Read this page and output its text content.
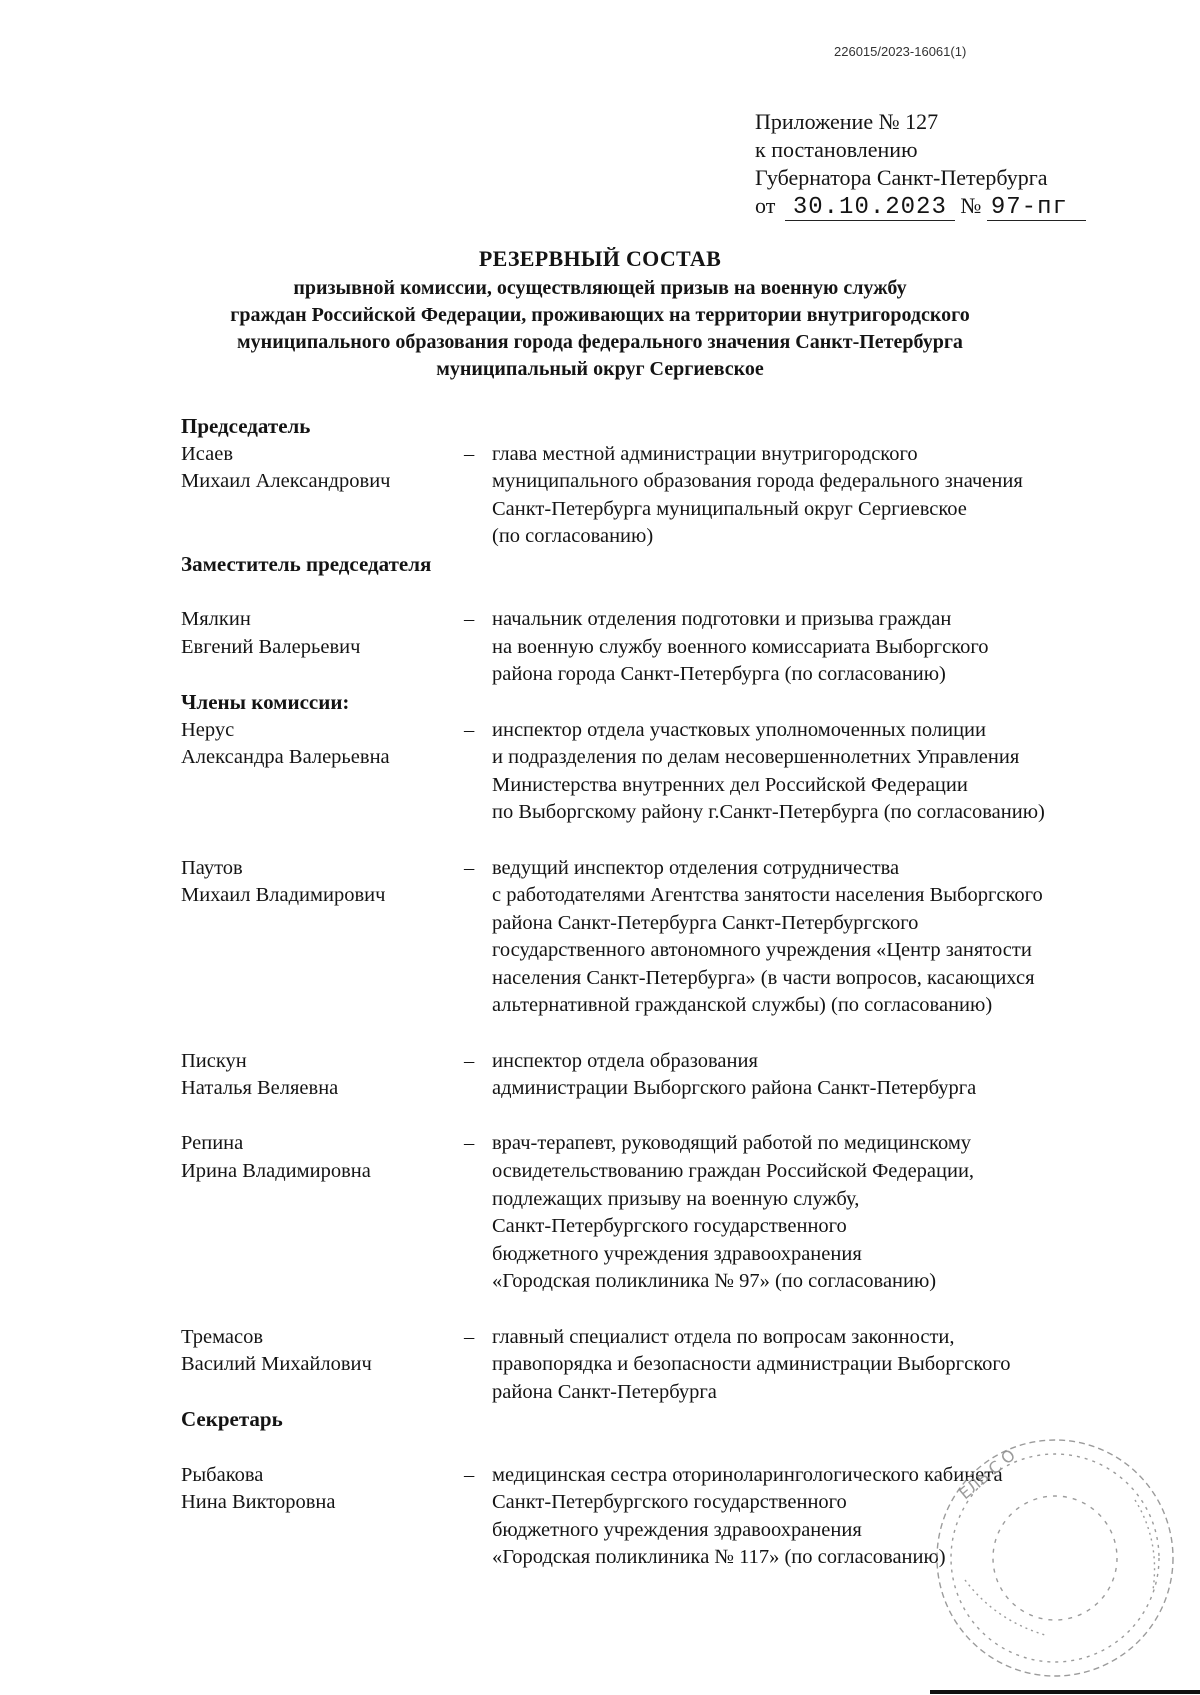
226015/2023-16061(1)
Приложение № 127
к постановлению
Губернатора Санкт-Петербурга
от 30.10.2023 № 97-пг
РЕЗЕРВНЫЙ СОСТАВ
призывной комиссии, осуществляющей призыв на военную службу
граждан Российской Федерации, проживающих на территории внутригородского
муниципального образования города федерального значения Санкт-Петербурга
муниципальный округ Сергиевское
Председатель
Исаев
Михаил Александрович
– глава местной администрации внутригородского
муниципального образования города федерального значения
Санкт-Петербурга муниципальный округ Сергиевское
(по согласованию)
Заместитель председателя
Мялкин
Евгений Валерьевич
– начальник отделения подготовки и призыва граждан
на военную службу военного комиссариата Выборгского
района города Санкт-Петербурга (по согласованию)
Члены комиссии:
Нерус
Александра Валерьевна
– инспектор отдела участковых уполномоченных полиции
и подразделения по делам несовершеннолетних Управления
Министерства внутренних дел Российской Федерации
по Выборгскому району г.Санкт-Петербурга (по согласованию)
Паутов
Михаил Владимирович
– ведущий инспектор отделения сотрудничества
с работодателями Агентства занятости населения Выборгского
района Санкт-Петербурга Санкт-Петербургского
государственного автономного учреждения «Центр занятости
населения Санкт-Петербурга» (в части вопросов, касающихся
альтернативной гражданской службы) (по согласованию)
Пискун
Наталья Веляевна
– инспектор отдела образования
администрации Выборгского района Санкт-Петербурга
Репина
Ирина Владимировна
– врач-терапевт, руководящий работой по медицинскому
освидетельствованию граждан Российской Федерации,
подлежащих призыву на военную службу,
Санкт-Петербургского государственного
бюджетного учреждения здравоохранения
«Городская поликлиника № 97» (по согласованию)
Тремасов
Василий Михайлович
– главный специалист отдела по вопросам законности,
правопорядка и безопасности администрации Выборгского
района Санкт-Петербурга
Секретарь
Рыбакова
Нина Викторовна
– медицинская сестра оториноларингологического кабинета
Санкт-Петербургского государственного
бюджетного учреждения здравоохранения
«Городская поликлиника № 117» (по согласованию)
ЕЛЬ С О
